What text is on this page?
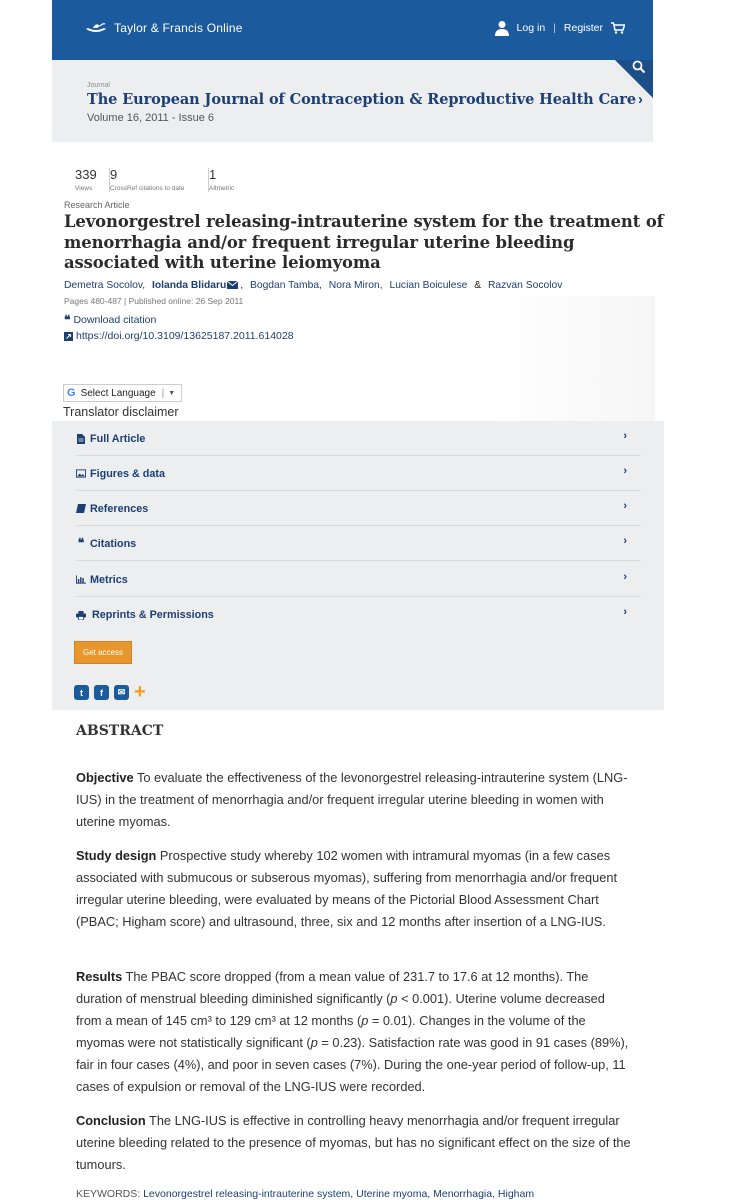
Taylor & Francis Online	Log in | Register
Journal
The European Journal of Contraception & Reproductive Health Care ›
Volume 16, 2011 - Issue 6
339
Views
9
CrossRef citations to date
1
Altmetric
Research Article
Levonorgestrel releasing-intrauterine system for the treatment of menorrhagia and/or frequent irregular uterine bleeding associated with uterine leiomyoma
Demetra Socolov, Iolanda Blidaru , Bogdan Tamba, Nora Miron, Lucian Boiculese & Razvan Socolov
Pages 480-487 | Published online: 26 Sep 2011
❝ Download citation
https://doi.org/10.3109/13625187.2011.614028
G Select Language | ▼
Translator disclaimer
Full Article	›
Figures & data	›
References	›
❝ Citations	›
Metrics	›
Reprints & Permissions	›
Get access
t	f	✉ +
ABSTRACT
Objective To evaluate the effectiveness of the levonorgestrel releasing-intrauterine system (LNG-IUS) in the treatment of menorrhagia and/or frequent irregular uterine bleeding in women with uterine myomas.
Study design Prospective study whereby 102 women with intramural myomas (in a few cases associated with submucous or subserous myomas), suffering from menorrhagia and/or frequent irregular uterine bleeding, were evaluated by means of the Pictorial Blood Assessment Chart (PBAC; Higham score) and ultrasound, three, six and 12 months after insertion of a LNG-IUS.
Results The PBAC score dropped (from a mean value of 231.7 to 17.6 at 12 months). The duration of menstrual bleeding diminished significantly (p < 0.001). Uterine volume decreased from a mean of 145 cm³ to 129 cm³ at 12 months (p = 0.01). Changes in the volume of the myomas were not statistically significant (p = 0.23). Satisfaction rate was good in 91 cases (89%), fair in four cases (4%), and poor in seven cases (7%). During the one-year period of follow-up, 11 cases of expulsion or removal of the LNG-IUS were recorded.
Conclusion The LNG-IUS is effective in controlling heavy menorrhagia and/or frequent irregular uterine bleeding related to the presence of myomas, but has no significant effect on the size of the tumours.
KEYWORDS: Levonorgestrel releasing-intrauterine system, Uterine myoma, Menorrhagia, Higham
